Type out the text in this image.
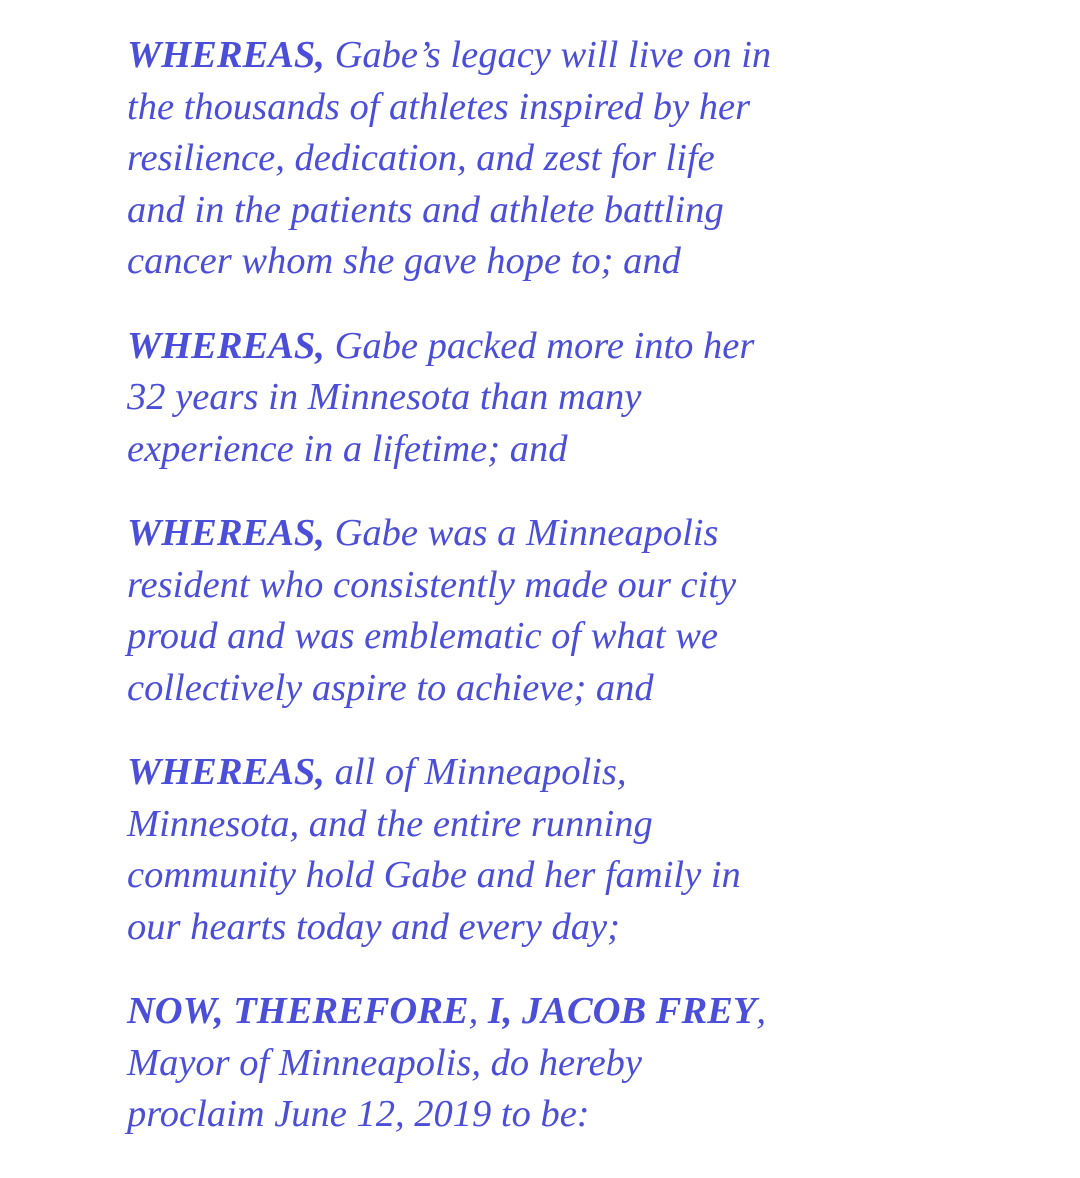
WHEREAS, Gabe’s legacy will live on in
the thousands of athletes inspired by her
resilience, dedication, and zest for life
and in the patients and athlete battling
cancer whom she gave hope to; and
WHEREAS, Gabe packed more into her
32 years in Minnesota than many
experience in a lifetime; and
WHEREAS, Gabe was a Minneapolis
resident who consistently made our city
proud and was emblematic of what we
collectively aspire to achieve; and
WHEREAS, all of Minneapolis,
Minnesota, and the entire running
community hold Gabe and her family in
our hearts today and every day;
NOW, THEREFORE, I, JACOB FREY,
Mayor of Minneapolis, do hereby
proclaim June 12, 2019 to be:
